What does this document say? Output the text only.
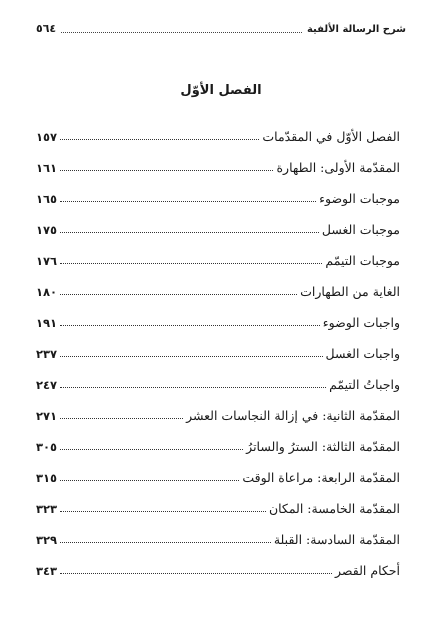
شرح الرسالة الألفية
٥٦٤
الفصل الأوّل
الفصل الأوّل في المقدّمات
١٥٧
المقدّمة الأولى: الطهارة
١٦١
موجبات الوضوء
١٦٥
موجبات الغسل
١٧٥
موجبات التيمّم
١٧٦
الغاية من الطهارات
١٨٠
واجبات الوضوء
١٩١
واجبات الغسل
٢٣٧
واجباتُ التيمّم
٢٤٧
المقدّمة الثانية: في إزالة النجاسات العشر
٢٧١
المقدّمة الثالثة: السترُ والساترُ
٣٠٥
المقدّمة الرابعة: مراعاة الوقت
٣١٥
المقدّمة الخامسة: المكان
٣٢٣
المقدّمة السادسة: القبلة
٣٢٩
أحكام القصر
٣٤٣
